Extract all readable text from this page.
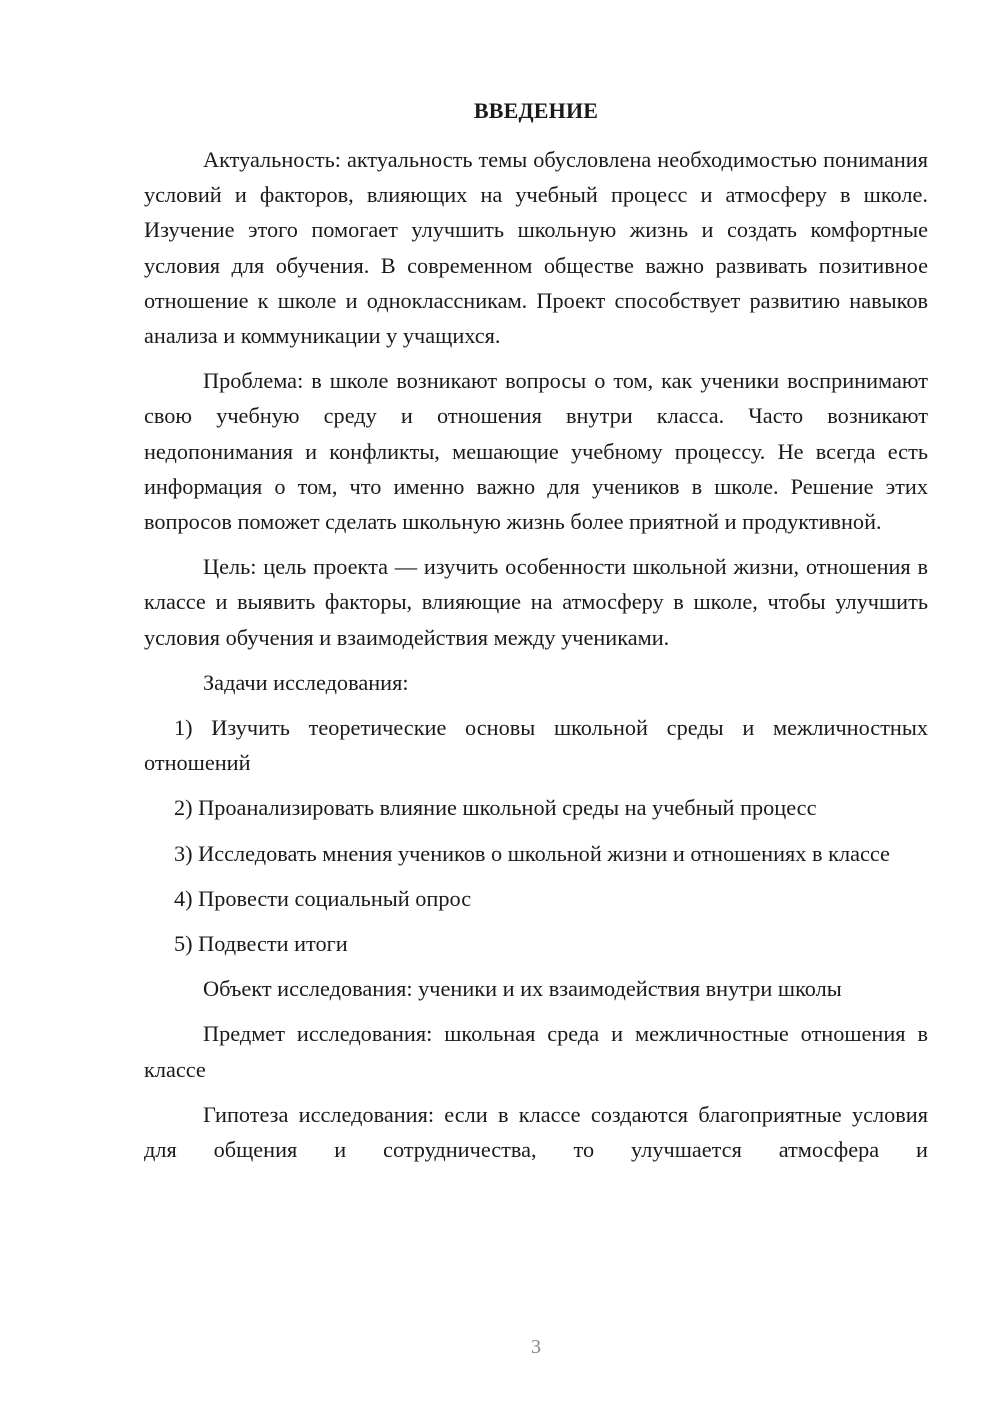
ВВЕДЕНИЕ

Актуальность: актуальность темы обусловлена необходимостью понимания условий и факторов, влияющих на учебный процесс и атмосферу в школе. Изучение этого помогает улучшить школьную жизнь и создать комфортные условия для обучения. В современном обществе важно развивать позитивное отношение к школе и одноклассникам. Проект способствует развитию навыков анализа и коммуникации у учащихся.

Проблема: в школе возникают вопросы о том, как ученики воспринимают свою учебную среду и отношения внутри класса. Часто возникают недопонимания и конфликты, мешающие учебному процессу. Не всегда есть информация о том, что именно важно для учеников в школе. Решение этих вопросов поможет сделать школьную жизнь более приятной и продуктивной.

Цель: цель проекта — изучить особенности школьной жизни, отношения в классе и выявить факторы, влияющие на атмосферу в школе, чтобы улучшить условия обучения и взаимодействия между учениками.

Задачи исследования:

1) Изучить теоретические основы школьной среды и межличностных отношений

2) Проанализировать влияние школьной среды на учебный процесс

3) Исследовать мнения учеников о школьной жизни и отношениях в классе

4) Провести социальный опрос

5) Подвести итоги

Объект исследования: ученики и их взаимодействия внутри школы

Предмет исследования: школьная среда и межличностные отношения в классе

Гипотеза исследования: если в классе создаются благоприятные условия для общения и сотрудничества, то улучшается атмосфера и

3
